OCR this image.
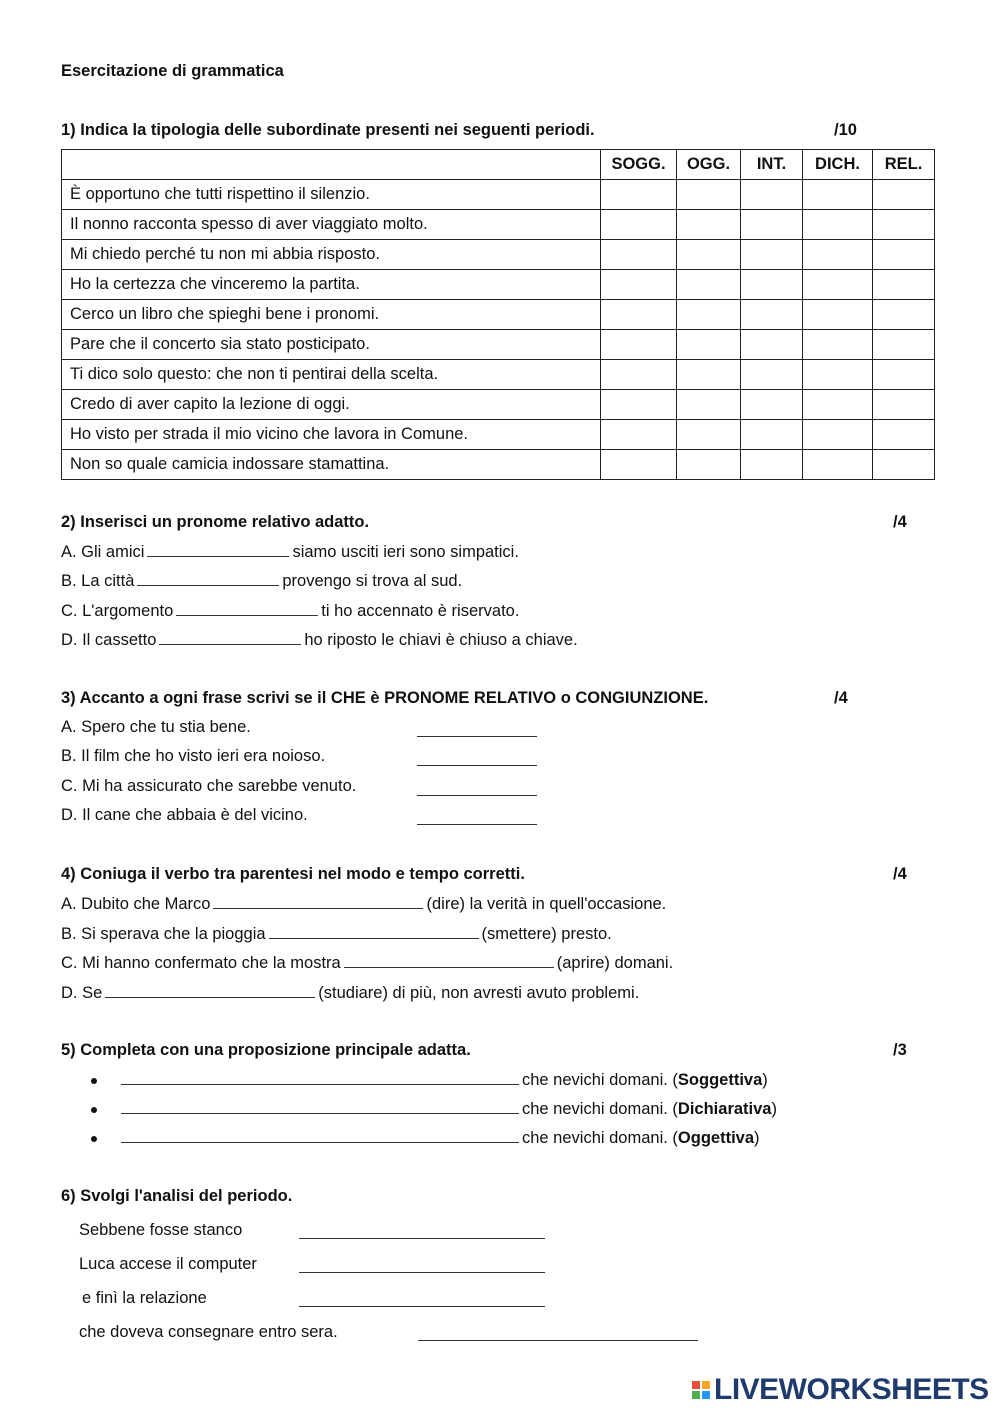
Esercitazione di grammatica
1) Indica la tipologia delle subordinate presenti nei seguenti periodi.	/10
	SOGG.	OGG.	INT.	DICH.	REL.
È opportuno che tutti rispettino il silenzio.					
Il nonno racconta spesso di aver viaggiato molto.					
Mi chiedo perché tu non mi abbia risposto.					
Ho la certezza che vinceremo la partita.					
Cerco un libro che spieghi bene i pronomi.					
Pare che il concerto sia stato posticipato.					
Ti dico solo questo: che non ti pentirai della scelta.					
Credo di aver capito la lezione di oggi.					
Ho visto per strada il mio vicino che lavora in Comune.					
Non so quale camicia indossare stamattina.					
2) Inserisci un pronome relativo adatto.	/4
A. Gli amici	siamo usciti ieri sono simpatici.
B. La città	provengo si trova al sud.
C. L'argomento	ti ho accennato è riservato.
D. Il cassetto	ho riposto le chiavi è chiuso a chiave.
3) Accanto a ogni frase scrivi se il CHE è PRONOME RELATIVO o CONGIUNZIONE.	/4
A. Spero che tu stia bene.
B. Il film che ho visto ieri era noioso.
C. Mi ha assicurato che sarebbe venuto.
D. Il cane che abbaia è del vicino.
4) Coniuga il verbo tra parentesi nel modo e tempo corretti.	/4
A. Dubito che Marco	(dire) la verità in quell'occasione.
B. Si sperava che la pioggia	(smettere) presto.
C. Mi hanno confermato che la mostra	(aprire) domani.
D. Se	(studiare) di più, non avresti avuto problemi.
5) Completa con una proposizione principale adatta.	/3
che nevichi domani. (Soggettiva)
che nevichi domani. (Dichiarativa)
che nevichi domani. (Oggettiva)
6) Svolgi l'analisi del periodo.
Sebbene fosse stanco
Luca accese il computer
e finì la relazione
che doveva consegnare entro sera.
LIVEWORKSHEETS
